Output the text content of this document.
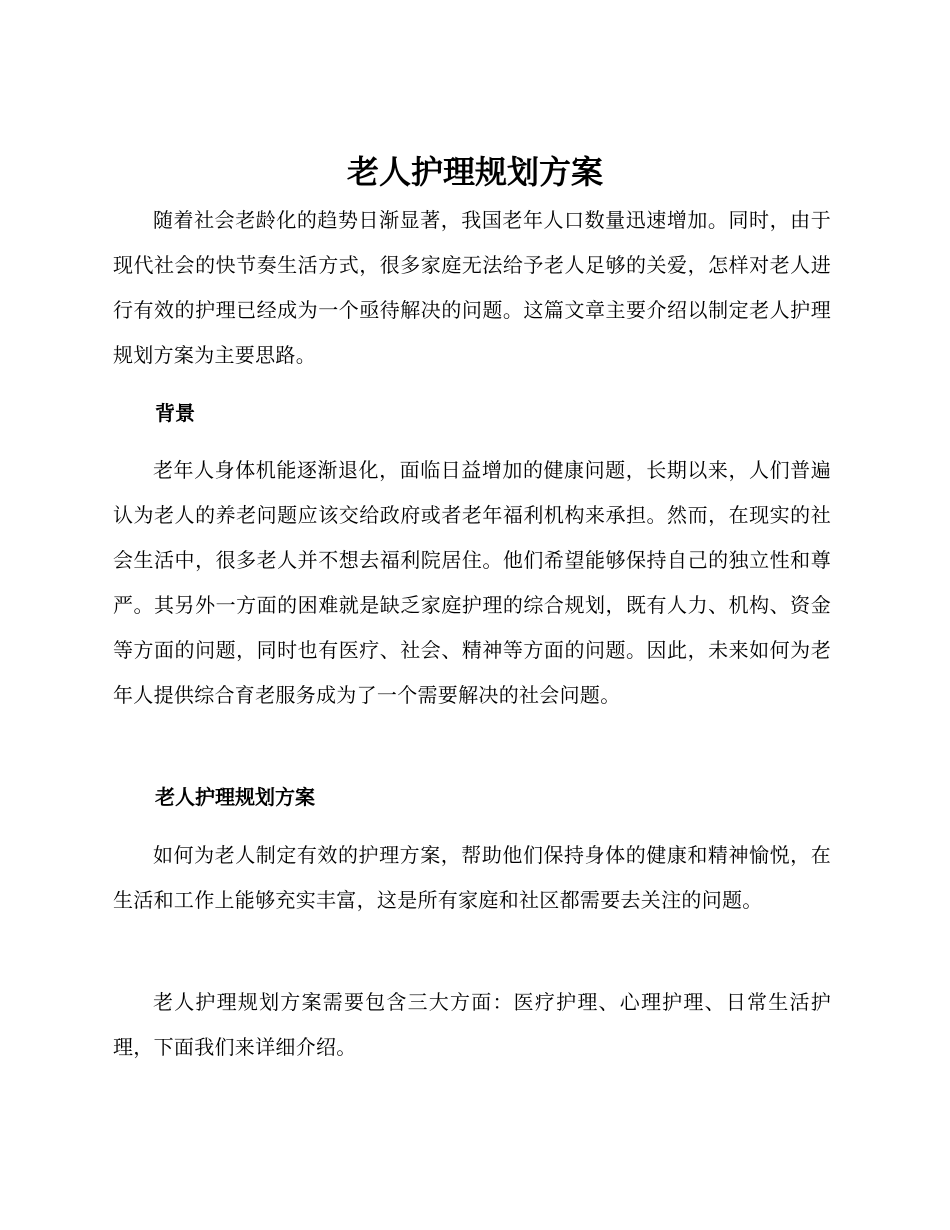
老人护理规划方案

随着社会老龄化的趋势日渐显著，我国老年人口数量迅速增加。同时，由于现代社会的快节奏生活方式，很多家庭无法给予老人足够的关爱，怎样对老人进行有效的护理已经成为一个亟待解决的问题。这篇文章主要介绍以制定老人护理规划方案为主要思路。

背景

老年人身体机能逐渐退化，面临日益增加的健康问题，长期以来，人们普遍认为老人的养老问题应该交给政府或者老年福利机构来承担。然而，在现实的社会生活中，很多老人并不想去福利院居住。他们希望能够保持自己的独立性和尊严。其另外一方面的困难就是缺乏家庭护理的综合规划，既有人力、机构、资金等方面的问题，同时也有医疗、社会、精神等方面的问题。因此，未来如何为老年人提供综合育老服务成为了一个需要解决的社会问题。

老人护理规划方案

如何为老人制定有效的护理方案，帮助他们保持身体的健康和精神愉悦，在生活和工作上能够充实丰富，这是所有家庭和社区都需要去关注的问题。

老人护理规划方案需要包含三大方面：医疗护理、心理护理、日常生活护理，下面我们来详细介绍。
